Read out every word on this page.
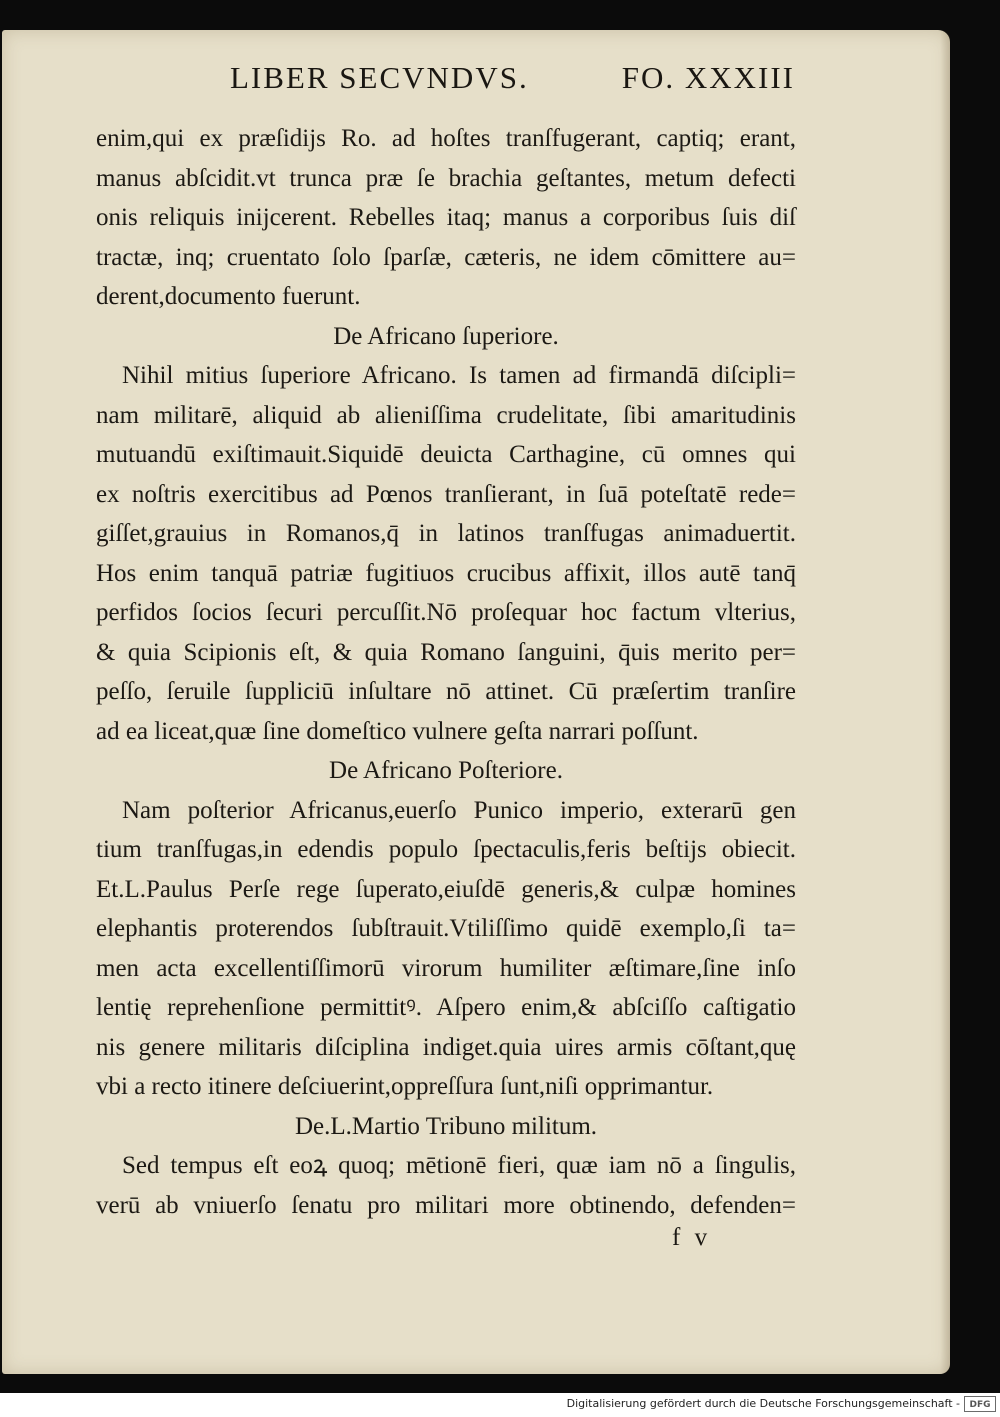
LIBER SECVNDVS.	FO. XXXIII
enim,qui ex præſidijs Ro. ad hoſtes tranſfugerant, captiq; erant,
manus abſcidit.vt trunca præ ſe brachia geſtantes, metum defecti
onis reliquis inijcerent. Rebelles itaq; manus a corporibus ſuis diſ
tractæ, inq; cruentato ſolo ſparſæ, cæteris, ne idem cōmittere au=
derent,documento fuerunt.
De Africano ſuperiore.
Nihil mitius ſuperiore Africano. Is tamen ad firmandā diſcipli=
nam militarē, aliquid ab alieniſſima crudelitate, ſibi amaritudinis
mutuandū exiſtimauit.Siquidē deuicta Carthagine, cū omnes qui
ex noſtris exercitibus ad Pœnos tranſierant, in ſuā poteſtatē rede=
giſſet,grauius in Romanos,q̄ in latinos tranſfugas animaduertit.
Hos enim tanquā patriæ fugitiuos crucibus affixit, illos autē tanq̄
perfidos ſocios ſecuri percuſſit.Nō proſequar hoc factum vlterius,
& quia Scipionis eſt, & quia Romano ſanguini, q̄uis merito per=
peſſo, ſeruile ſuppliciū inſultare nō attinet. Cū præſertim tranſire
ad ea liceat,quæ ſine domeſtico vulnere geſta narrari poſſunt.
De Africano Poſteriore.
Nam poſterior Africanus,euerſo Punico imperio, exterarū gen
tium tranſfugas,in edendis populo ſpectaculis,feris beſtijs obiecit.
Et.L.Paulus Perſe rege ſuperato,eiuſdē generis,& culpæ homines
elephantis proterendos ſubſtrauit.Vtiliſſimo quidē exemplo,ſi ta=
men acta excellentiſſimorū virorum humiliter æſtimare,ſine inſo
lentię reprehenſione permittitꝰ. Aſpero enim,& abſciſſo caſtigatio
nis genere militaris diſciplina indiget.quia uires armis cōſtant,quę
vbi a recto itinere deſciuerint,oppreſſura ſunt,niſi opprimantur.
De.L.Martio Tribuno militum.
Sed tempus eſt eoꝝ quoq; mētionē fieri, quæ iam nō a ſingulis,
verū ab vniuerſo ſenatu pro militari more obtinendo, defenden=
f v
Digitalisierung gefördert durch die Deutsche Forschungsgemeinschaft -	DFG
